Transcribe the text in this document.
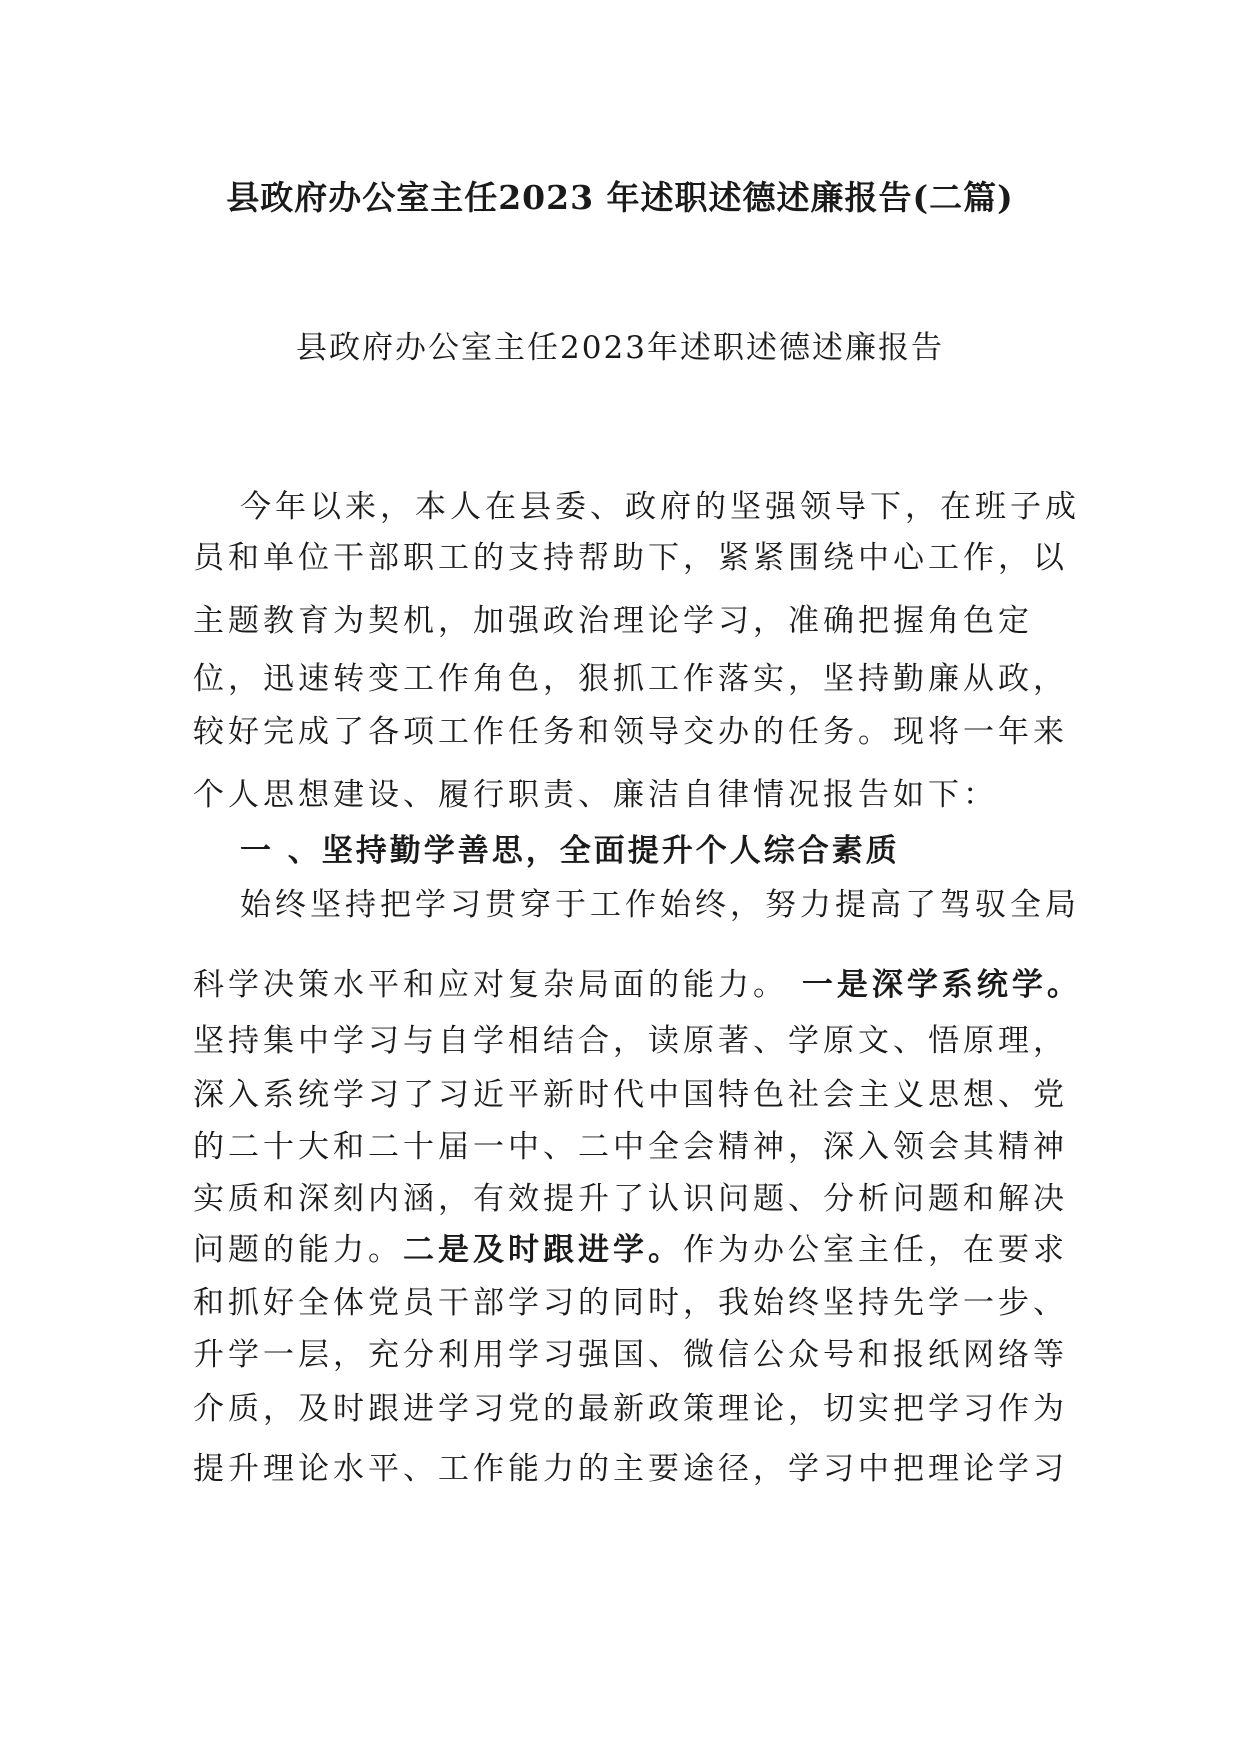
县政府办公室主任2023 年述职述德述廉报告(二篇)
县政府办公室主任2023年述职述德述廉报告
今年以来，本人在县委、政府的坚强领导下，在班子成
员和单位干部职工的支持帮助下，紧紧围绕中心工作，以
主题教育为契机，加强政治理论学习，准确把握角色定
位，迅速转变工作角色，狠抓工作落实，坚持勤廉从政，
较好完成了各项工作任务和领导交办的任务。现将一年来
个人思想建设、履行职责、廉洁自律情况报告如下：
一 、坚持勤学善思，全面提升个人综合素质
始终坚持把学习贯穿于工作始终，努力提高了驾驭全局
科学决策水平和应对复杂局面的能力。 一是深学系统学。
坚持集中学习与自学相结合，读原著、学原文、悟原理，
深入系统学习了习近平新时代中国特色社会主义思想、党
的二十大和二十届一中、二中全会精神，深入领会其精神
实质和深刻内涵，有效提升了认识问题、分析问题和解决
问题的能力。二是及时跟进学。作为办公室主任，在要求
和抓好全体党员干部学习的同时，我始终坚持先学一步、
升学一层，充分利用学习强国、微信公众号和报纸网络等
介质，及时跟进学习党的最新政策理论，切实把学习作为
提升理论水平、工作能力的主要途径，学习中把理论学习
